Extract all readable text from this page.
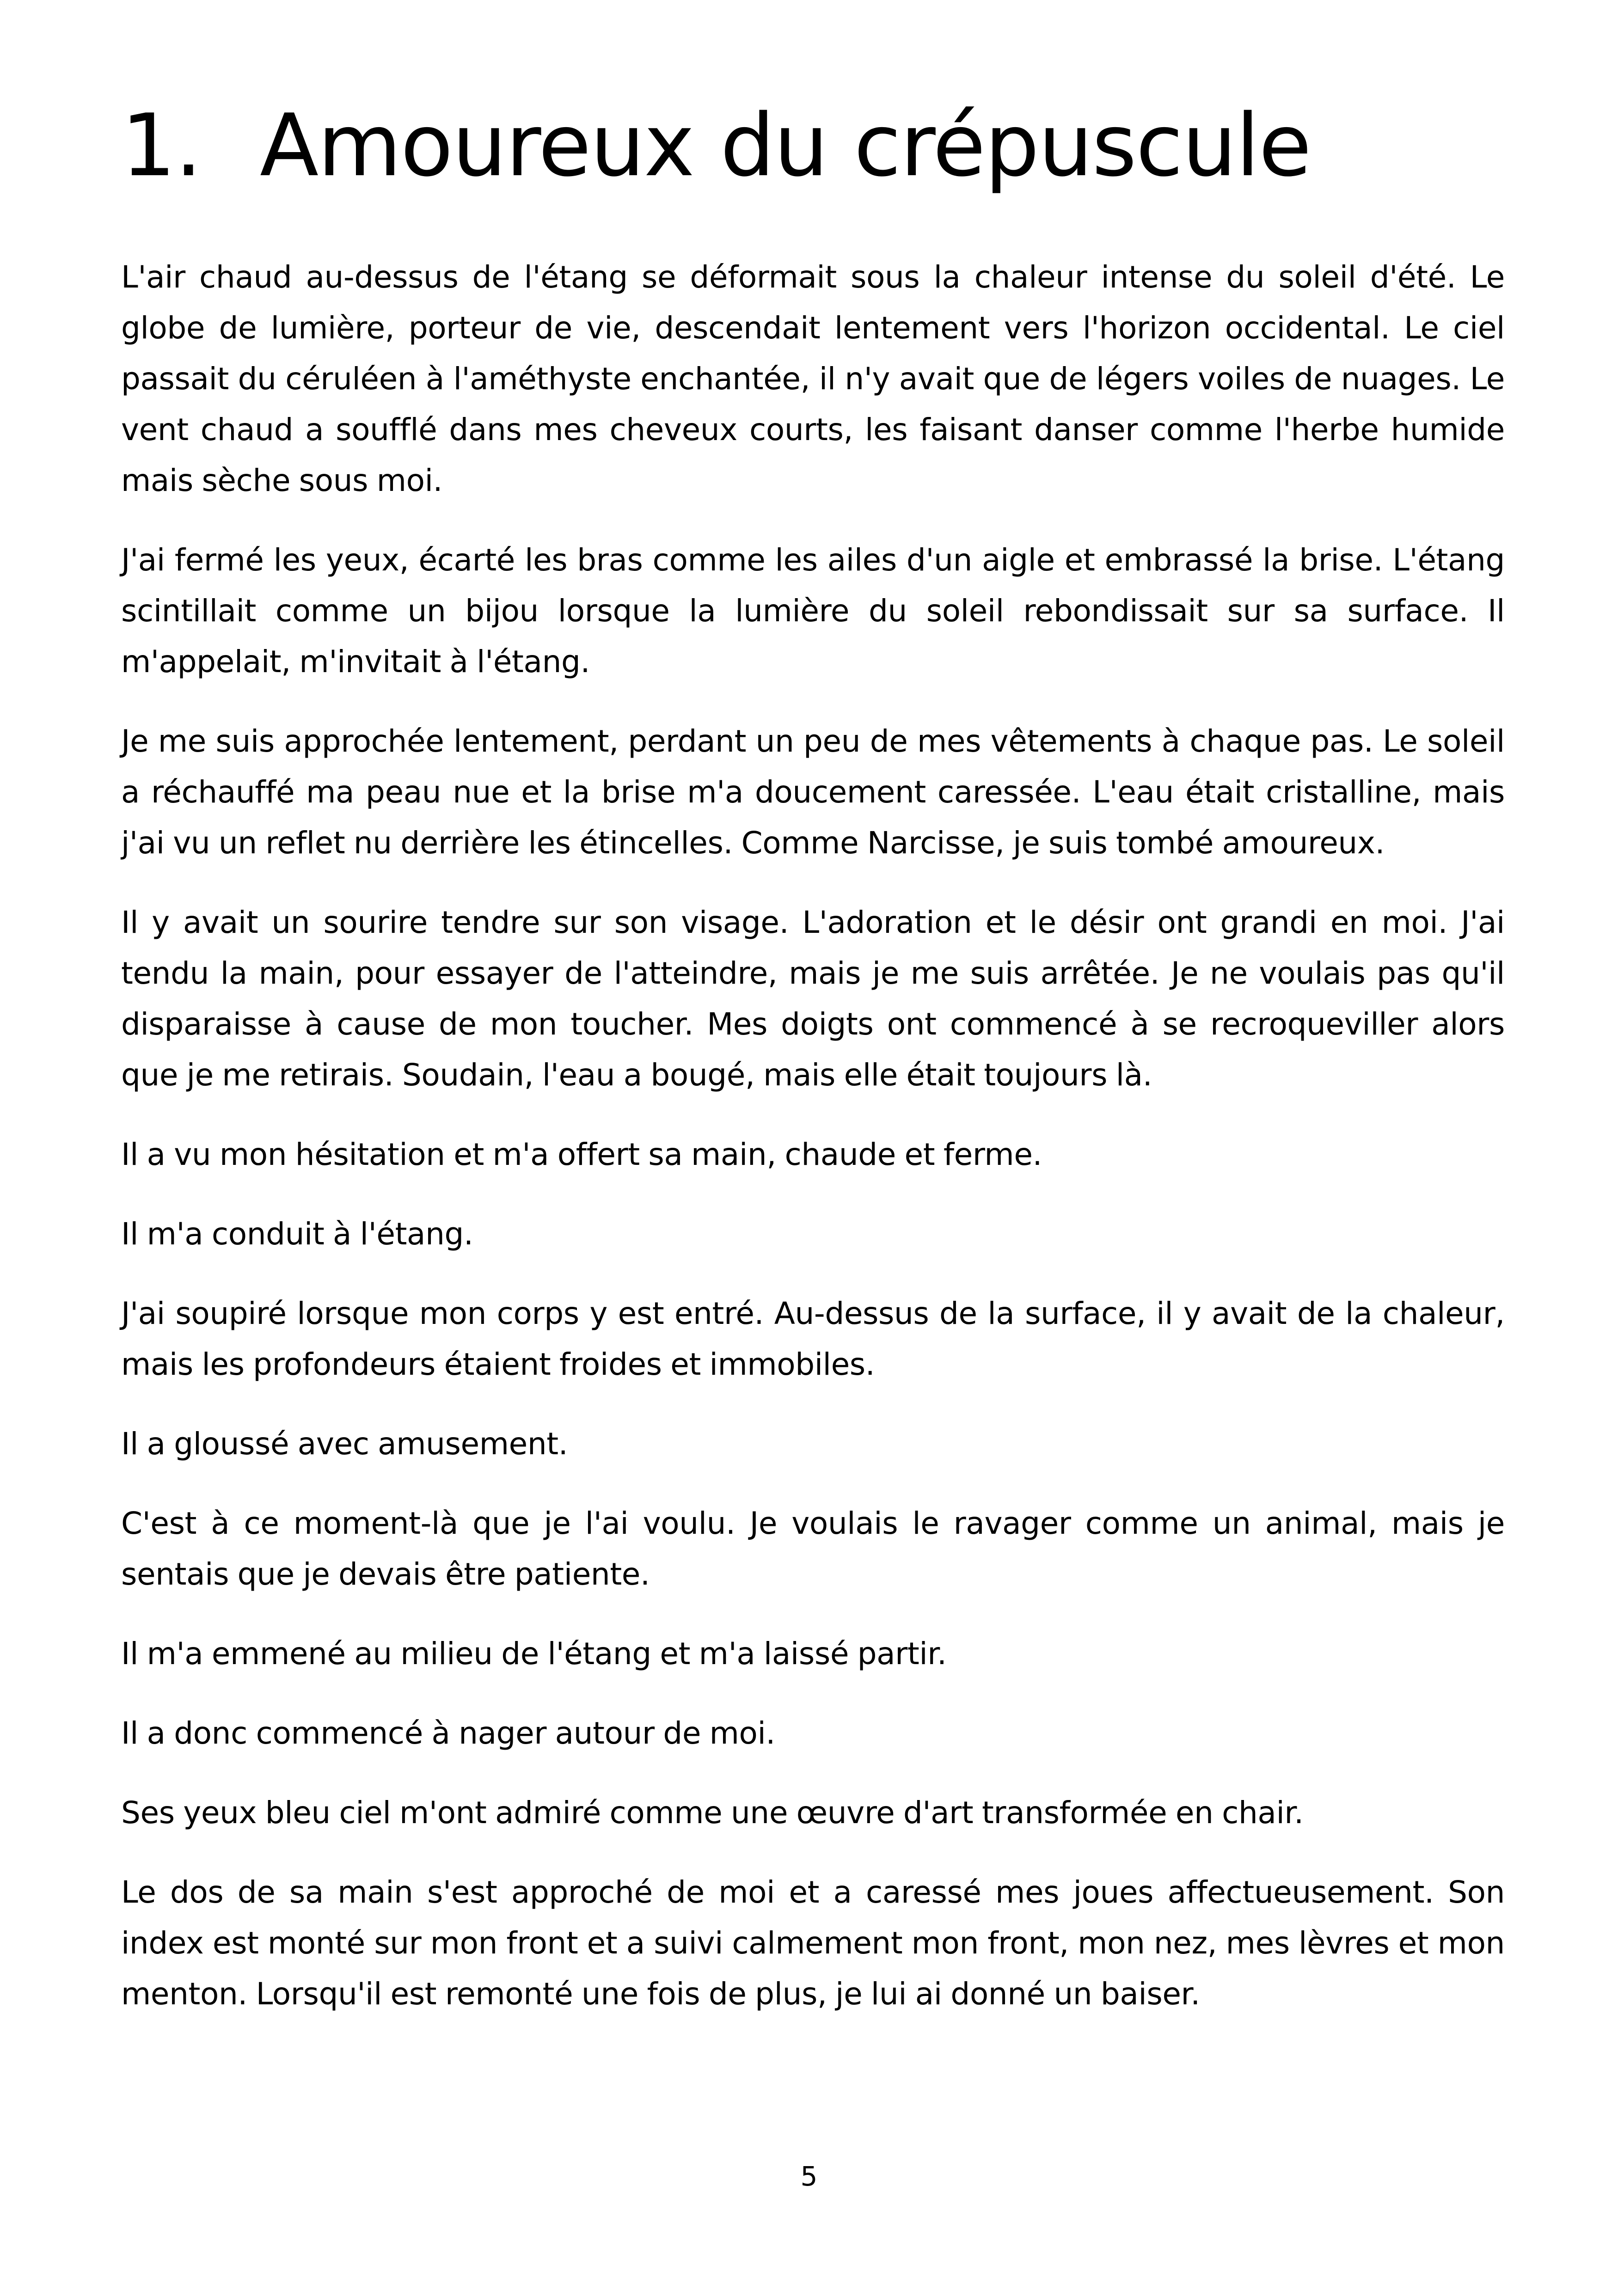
1. Amoureux du crépuscule

L'air chaud au-dessus de l'étang se déformait sous la chaleur intense du soleil d'été. Le globe de lumière, porteur de vie, descendait lentement vers l'horizon occidental. Le ciel passait du céruléen à l'améthyste enchantée, il n'y avait que de légers voiles de nuages. Le vent chaud a soufflé dans mes cheveux courts, les faisant danser comme l'herbe humide mais sèche sous moi.

J'ai fermé les yeux, écarté les bras comme les ailes d'un aigle et embrassé la brise. L'étang scintillait comme un bijou lorsque la lumière du soleil rebondissait sur sa surface. Il m'appelait, m'invitait à l'étang.

Je me suis approchée lentement, perdant un peu de mes vêtements à chaque pas. Le soleil a réchauffé ma peau nue et la brise m'a doucement caressée. L'eau était cristalline, mais j'ai vu un reflet nu derrière les étincelles. Comme Narcisse, je suis tombé amoureux.

Il y avait un sourire tendre sur son visage. L'adoration et le désir ont grandi en moi. J'ai tendu la main, pour essayer de l'atteindre, mais je me suis arrêtée. Je ne voulais pas qu'il disparaisse à cause de mon toucher. Mes doigts ont commencé à se recroqueviller alors que je me retirais. Soudain, l'eau a bougé, mais elle était toujours là.

Il a vu mon hésitation et m'a offert sa main, chaude et ferme.

Il m'a conduit à l'étang.

J'ai soupiré lorsque mon corps y est entré. Au-dessus de la surface, il y avait de la chaleur, mais les profondeurs étaient froides et immobiles.

Il a gloussé avec amusement.

C'est à ce moment-là que je l'ai voulu. Je voulais le ravager comme un animal, mais je sentais que je devais être patiente.

Il m'a emmené au milieu de l'étang et m'a laissé partir.

Il a donc commencé à nager autour de moi.

Ses yeux bleu ciel m'ont admiré comme une œuvre d'art transformée en chair.

Le dos de sa main s'est approché de moi et a caressé mes joues affectueusement. Son index est monté sur mon front et a suivi calmement mon front, mon nez, mes lèvres et mon menton. Lorsqu'il est remonté une fois de plus, je lui ai donné un baiser.

5
